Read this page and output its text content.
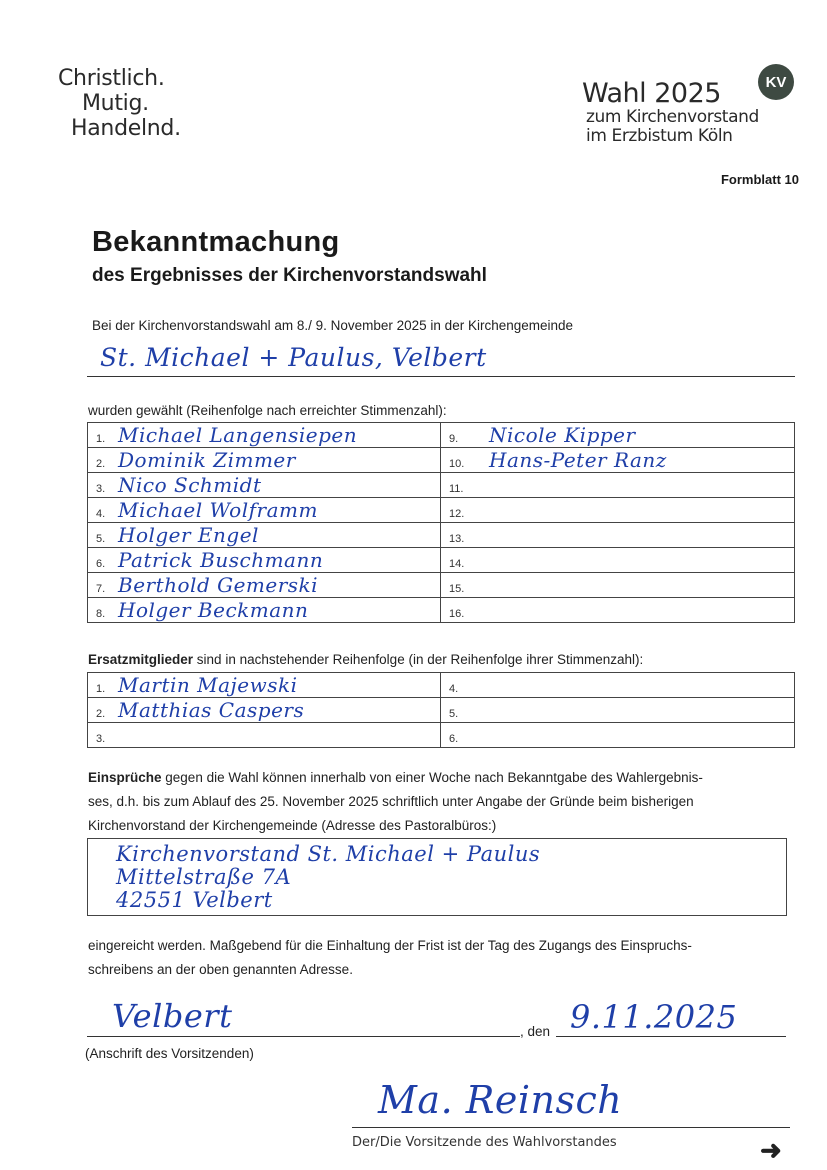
Christlich.
Mutig.
Handelnd.
Wahl 2025	KV
zum Kirchenvorstand
im Erzbistum Köln
Formblatt 10
Bekanntmachung
des Ergebnisses der Kirchenvorstandswahl
Bei der Kirchenvorstandswahl am 8./ 9. November 2025 in der Kirchengemeinde
St. Michael + Paulus, Velbert
wurden gewählt (Reihenfolge nach erreichter Stimmenzahl):
1. Michael Langensiepen	9. Nicole Kipper
2. Dominik Zimmer	10. Hans-Peter Ranz
3. Nico Schmidt	11.
4. Michael Wolframm	12.
5. Holger Engel	13.
6. Patrick Buschmann	14.
7. Berthold Gemerski	15.
8. Holger Beckmann	16.
Ersatzmitglieder sind in nachstehender Reihenfolge (in der Reihenfolge ihrer Stimmenzahl):
1. Martin Majewski	4.
2. Matthias Caspers	5.
3.	6.
Einsprüche gegen die Wahl können innerhalb von einer Woche nach Bekanntgabe des Wahlergebnis-
ses, d.h. bis zum Ablauf des 25. November 2025 schriftlich unter Angabe der Gründe beim bisherigen
Kirchenvorstand der Kirchengemeinde (Adresse des Pastoralbüros:)
Kirchenvorstand St. Michael + Paulus
Mittelstraße 7A
42551 Velbert
eingereicht werden. Maßgebend für die Einhaltung der Frist ist der Tag des Zugangs des Einspruchs-
schreibens an der oben genannten Adresse.
Velbert	, den 9.11.2025
(Anschrift des Vorsitzenden)
Ma. Reinsch
Der/Die Vorsitzende des Wahlvorstandes	➜
